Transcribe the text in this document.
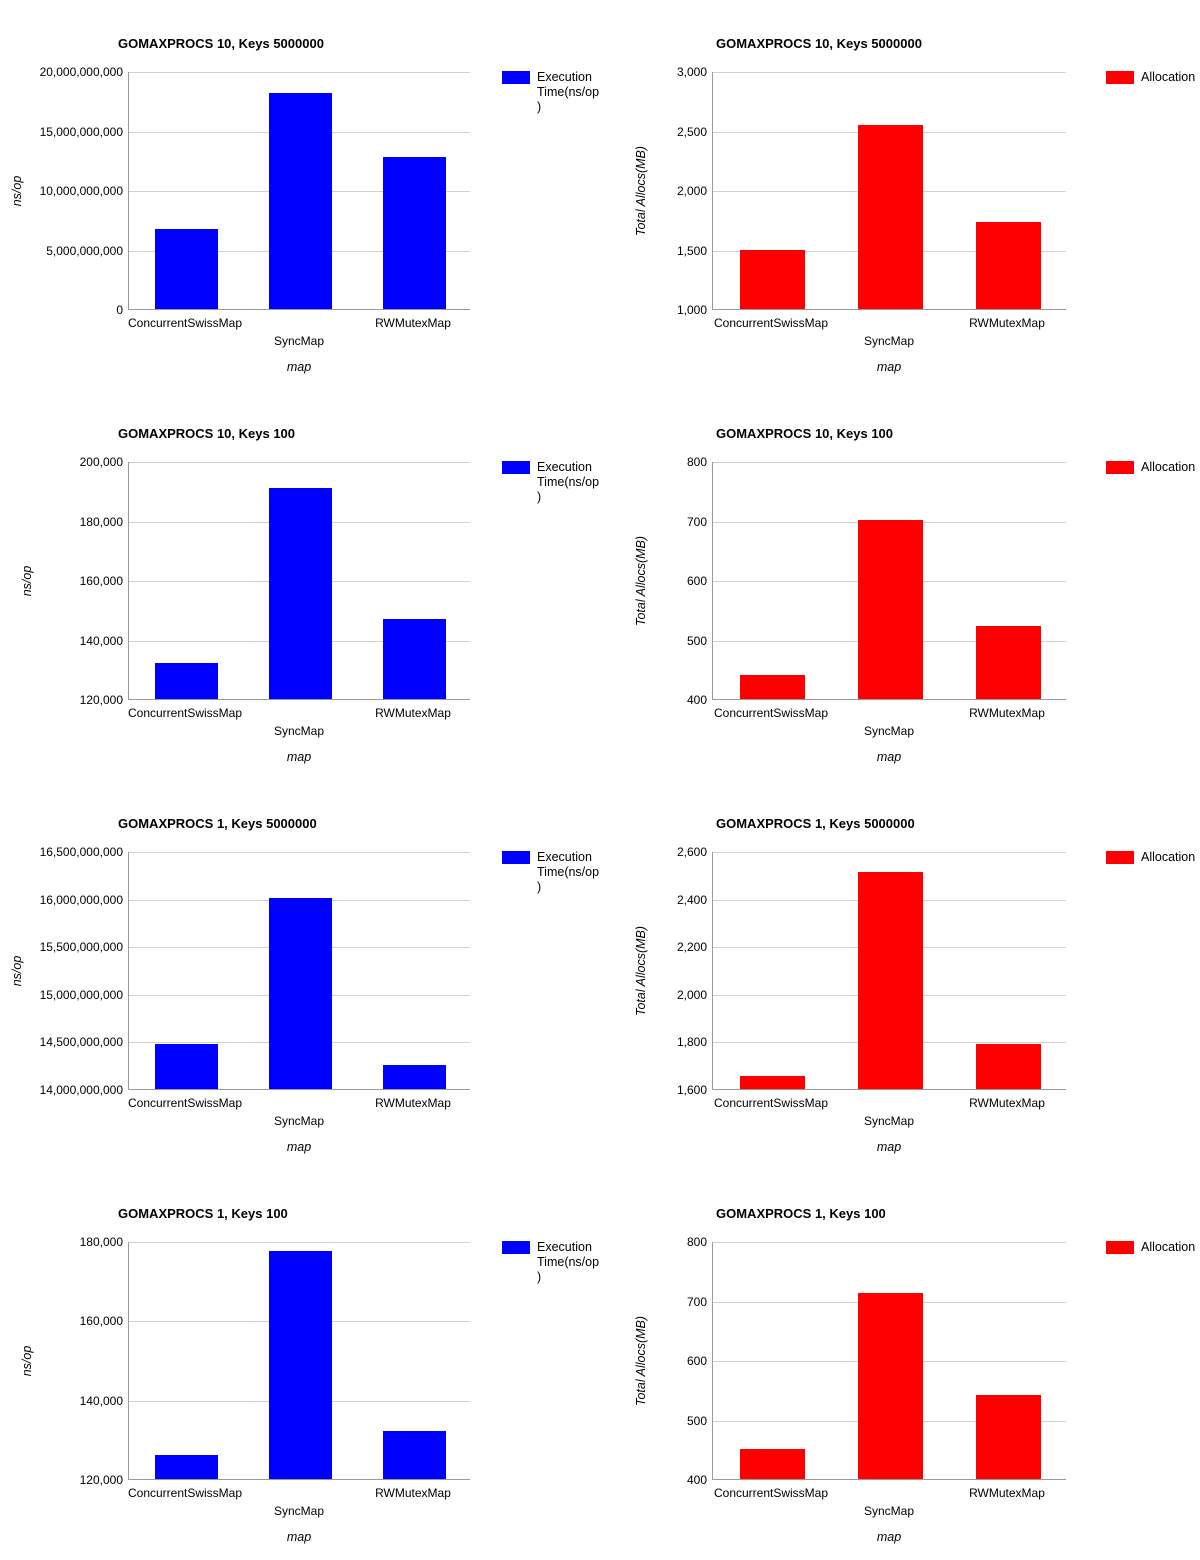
GOMAXPROCS 10, Keys 5000000
Execution Time(ns/op)
ns/op
0
5,000,000,000
10,000,000,000
15,000,000,000
20,000,000,000
ConcurrentSwissMap
SyncMap
RWMutexMap
map
GOMAXPROCS 10, Keys 5000000
Allocation
Total Allocs(MB)
1,000
1,500
2,000
2,500
3,000
ConcurrentSwissMap
SyncMap
RWMutexMap
map
GOMAXPROCS 10, Keys 100
Execution Time(ns/op)
ns/op
120,000
140,000
160,000
180,000
200,000
ConcurrentSwissMap
SyncMap
RWMutexMap
map
GOMAXPROCS 10, Keys 100
Allocation
Total Allocs(MB)
400
500
600
700
800
ConcurrentSwissMap
SyncMap
RWMutexMap
map
GOMAXPROCS 1, Keys 5000000
Execution Time(ns/op)
ns/op
14,000,000,000
14,500,000,000
15,000,000,000
15,500,000,000
16,000,000,000
16,500,000,000
ConcurrentSwissMap
SyncMap
RWMutexMap
map
GOMAXPROCS 1, Keys 5000000
Allocation
Total Allocs(MB)
1,600
1,800
2,000
2,200
2,400
2,600
ConcurrentSwissMap
SyncMap
RWMutexMap
map
GOMAXPROCS 1, Keys 100
Execution Time(ns/op)
ns/op
120,000
140,000
160,000
180,000
ConcurrentSwissMap
SyncMap
RWMutexMap
map
GOMAXPROCS 1, Keys 100
Allocation
Total Allocs(MB)
400
500
600
700
800
ConcurrentSwissMap
SyncMap
RWMutexMap
map
